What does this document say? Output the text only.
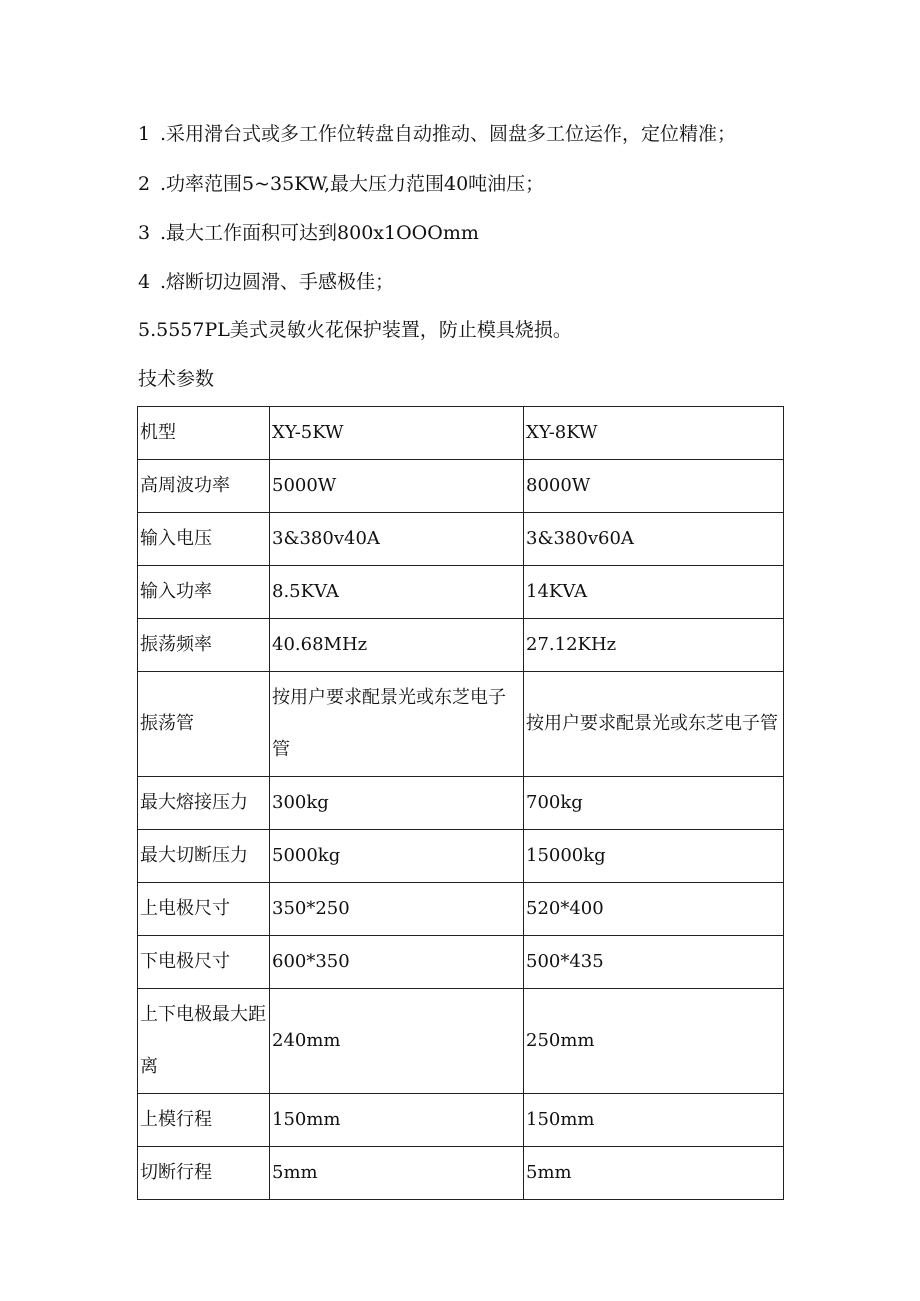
1 .采用滑台式或多工作位转盘自动推动、圆盘多工位运作，定位精准；
2 .功率范围5~35KW,最大压力范围40吨油压；
3 .最大工作面积可达到800x1OOOmm
4 .熔断切边圆滑、手感极佳；
5.5557PL美式灵敏火花保护装置，防止模具烧损。
技术参数
机型	XY-5KW	XY-8KW
高周波功率	5000W	8000W
输入电压	3&380v40A	3&380v60A
输入功率	8.5KVA	14KVA
振荡频率	40.68MHz	27.12KHz
振荡管	按用户要求配景光或东芝电子管	按用户要求配景光或东芝电子管
最大熔接压力	300kg	700kg
最大切断压力	5000kg	15000kg
上电极尺寸	350*250	520*400
下电极尺寸	600*350	500*435
上下电极最大距离	240mm	250mm
上模行程	150mm	150mm
切断行程	5mm	5mm
